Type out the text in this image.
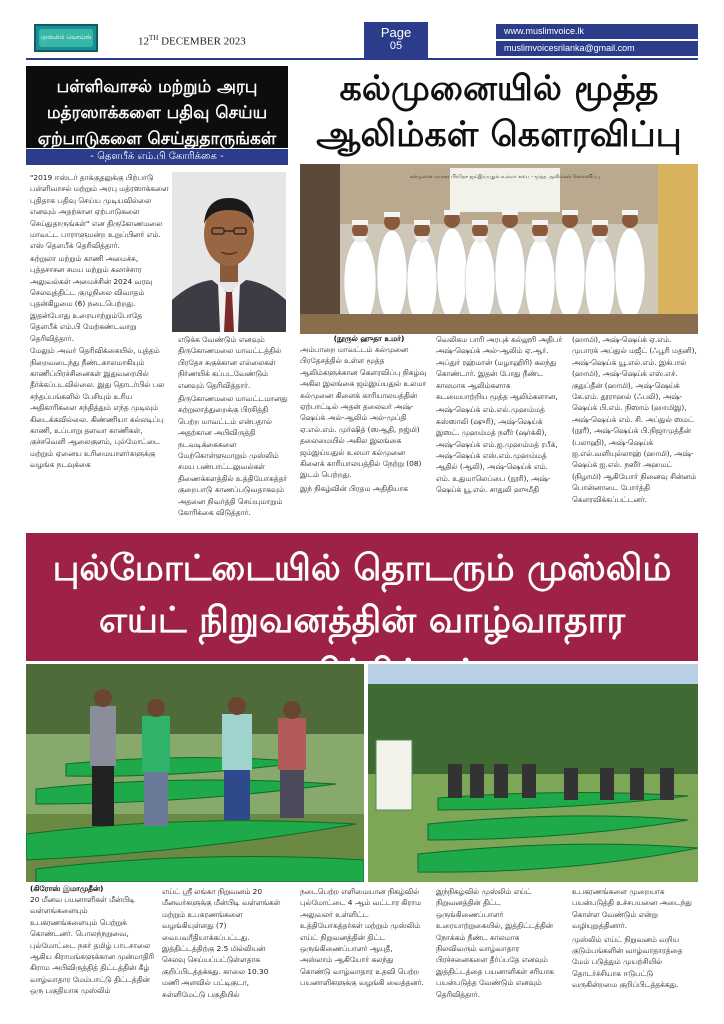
முஸ்லிம் வொய்ஸ்	12TH DECEMBER 2023
Page
05
www.muslimvoice.lk
muslimvoicesrilanka@gmail.com
பள்ளிவாசல் மற்றும் அரபு மத்ரஸாக்களை பதிவு செய்ய ஏற்பாடுகளை செய்துதாருங்கள்
- தௌபீக் எம்.பி கோரிக்கை -

"2019 ஈஸ்டர் தாக்குதலுக்கு பிற்பாடு பள்ளிவாசல் மற்றும் அரபு மத்ரஸாக்களை புதிதாக பதிவு செய்ய முடியவில்லை எனவும் அதற்கான ஏற்பாடுகளை செய்துதாருங்கள்" என திருகோணமலை மாவட்ட பாராளுமன்ற உறுப்பினர் எம். எஸ் தௌபீக் தெரிவித்தார்.

சுற்றுலா மற்றும் காணி அமைச்சு, புத்தசாசன சமய மற்றும் கலாச்சார அலுவல்கள் அமைச்சின் 2024 வரவு செலவுத்திட்ட குழுநிலை விவாதம் புதன்கிழமை (6) நடைபெற்றது. இதன்போது உரையாற்றும்போதே தௌபீக் எம்.பி மேற்கண்டவாறு தெரிவித்தார்.

மேலும் அவர் தெரிவிக்கையில், யுத்தம் நிறைவடைந்து நீண்டகாலமாகியும் காணிப்பிரச்சினைகள் இதுவரையில் தீர்க்கப்படவில்லை. இது தொடர்பில் பல சந்தப்பங்களில் பேசியும் உரிய அதிகாரிகளை சந்தித்தும் எந்த முடிவும் கிடைக்கவில்லை. கிண்ணியா கல்லடிப்பு காணி, உப்பாறு தளவா காணிகள், குச்சவெளி ஆலைகுளம், புல்மோட்டை மற்றும் ஏனைய உரிமையாளர்களுக்கு வழங்க நடவுக்கை

எடுக்க வேண்டும் எனவும் திருகோணமலை மாவட்டத்தில் பிரதேச சுகுக்கான எல்லைகள் நிர்ணயிக் கப்படவேண்டும் எனவும் தெரிவித்தார்.

திருகோணமலை மாவட்டமானது சுற்றுலாத்துறைக்கு பிரசித்தி பெற்ற மாவட்டம் என்பதால் அதற்கான அபிவிருத்தி நடவடிக்கைகளை மேற்கொள்ளுமாறும் முஸ்லிம் சமய பண்பாட்டலுவல்கள் திணைக்களத்தில் உத்தியோகத்தர் குறைபாடு காணப்படுவதாகவும் அதனை நிவர்த்தி செய்யுமாறும் கோரிக்கை விடுத்தார்.

கல்முனையில் மூத்த ஆலிம்கள் கௌரவிப்பு
கல்முனை மாநகர பிரதேச ஜம்இய்யதுல் உலமா சபை - மூத்த ஆலிம்கள் கௌரவிப்பு
(நூருல் ஹுதா உமர்)

அம்பாறை மாவட்டம் கல்முனை பிரதேசத்தில் உள்ள மூத்த ஆலிம்களுக்கான கௌரவிப்பு நிகழ்வு அகில இலங்கை ஜம்இய்யதுல் உலமா கல்முனை கிளைக் காரியாலயத்தின் ஏற்பாட்டில் அதன் தலைவர் அஷ்-ஷெய்க் அல்-ஆலிம் அல்-முப்தி ஏ.எல்.எம். முர்ஷித் (ஸஆதி, நஜ்மி) தலைமையில் அகில இலங்கை ஜம்இய்யதுல் உலமா கல்முனை கிளைக் காரியாலயத்தில் நேற்று (08) இடம் பெற்றது.

இந் நிகழ்வின் பிரதம அதிதியாக

வெலிகம பாரி அரபுக் கல்லூரி அதிபர் அஷ்-ஷெய்க் அல்-ஆலிம் ஏ.ஆர். அப்துர் ரஹ்மான் (மழாஹிரி) கலந்து கொண்டார். இதன் போது நீண்ட காலமாக ஆலிம்களாக கடமையாற்றிய மூத்த ஆலிம்களான,

அஷ்-ஷெய்க் எம்.எல்.முஹம்மத் கஸ்ஸாலி (ஷுரி), அஷ்-ஷெய்க் இஸட். முஹம்மத் நளீர் (ஷர்க்கி), அஷ்-ஷெய்க் எம்.ஐ.முஹம்மத் ரபீக், அஷ்-ஷெய்க் எஸ்.எம்.முஹம்மத் ஆதில் (ஆலி), அஷ்-ஷெய்க் எம். எம். உதுமாலெப்பை (நூரி), அஷ்-ஷெய்க் யூ.எல். சாதுலி ஹுமீதி

(ஹாமி), அஷ்-ஷெய்க் ஏ.எம். முபாரக் அப்துல் மஜீட் (ஃபூரி மதனி), அஷ்-ஷெய்க் யூ.எல்.எம். இக்பால் (ஹாமி), அஷ்-ஷெய்க் எஸ்.எச். குதுப்தீன் (ஹாமி), அஷ்-ஷெய்க் கே.எம். தூராஹல் (ஃபலி), அஷ்-ஷெய்க் பி.எம். நிஸாம் (ஹாமிஇ), அஷ்-ஷெய்க் எம். சி. அப்துல் ஸமட் (நூரீ), அஷ்-ஷெய்க் பி.நிஜாமுத்தீன் (பலாஹி), அஷ்-ஷெய்க் ஐ.எல்.வளியுல்லாஹ் (ஹாமி), அஷ்-ஷெய்க் ஐ.எல். நஸீர் அஹமட் (நிழாமி) ஆகியோர் நினைவு சின்னம் பொன்னாடை போர்த்தி கௌரவிக்கப்பட்டனர்.

புல்மோட்டையில் தொடரும் முஸ்லிம் எய்ட் நிறுவனத்தின் வாழ்வாதார
(கிரோஸ் இமாமுதீன்)

20 மீனவ பயனாளிகள் மீன்பிடி வள்ளங்களையும் உபகரணங்களையும் பெற்றுக் கொண்டனர். பொலந்நறுவை, புல்மோட்டை நகர் தமிழ் பாடசாலை ஆகிய கிராமங்களுக்கான முன்மாதிரி கிராம அபிவிருத்தித் திட்டத்தின் கீழ் வாழ்வாதார மேம்பாட்டு திட்டத்தின் ஒரு பகுதியாக முஸ்லிம்

எய்ட் ஸ்ரீ லங்கா நிறுவனம் 20 மீனவர்களுக்கு மீன்பிடி வள்ளங்கள் மற்றும் உபகரணங்களை வழங்கியுள்ளது (7) வைபவரீதியாக்கப்பட்டது. இத்திட்டத்திற்கு 2.5 மில்லியன் செலவு செய்யப்பட்டுள்ளதாக குறிப்பிடத்தக்கது. காலை 10.30 மணி அளவில் பட்டிகுடா, சுள்ளிமேட்டு பகுதியில்

நடைபெற்ற எளிமையான நிகழ்வில் புல்மோட்டை 4 ஆம் வட்டார கிராம அலுவலர் உள்ளிட்ட உத்தியோகத்தர்கள் மற்றும் முஸ்லிம் எய்ட் நிறுவனத்தின் திட்ட ஒருங்கிணைப்பாளர் ஆயுதீ, அஸ்லாம் ஆகியோர் கலந்து கொண்டு வாழ்வாதார உதவி பெற்ற பயனாளிகளுக்கு வழங்கி வைத்தனர்.

இந்நிகழ்வில் முஸ்லிம் எய்ட் நிறுவனத்தின் திட்ட ஒருங்கிணைப்பாளர் உரையாற்றுகையில், இத்திட்டத்தின் நோக்கம் நீண்ட காலமாக நிலவிவரும் வாழ்வாதார பிரச்சனைகளை தீர்ப்பதே எனவும் இத்திட்டத்தை பயனாளிகள் சரியாக பயன்படுத்த வேண்டும் எனவும் தெரிவித்தார்.

உபகரணங்களை முறையாக பயன்படுத்தி உச்சபயனை அடைந்து கொள்ள வேண்டும் என்று வழியுறுத்தினார்.

முஸ்லிம் எய்ட் நிறுவனம் வறிய குடும்பங்களின் வாழ்வாதாரத்தை மேம் படுத்தும் முயற்சியில் தொடர்ச்சியாக ஈடுபட்டு வருகின்றமை குறிப்பிடத்தக்கது.
